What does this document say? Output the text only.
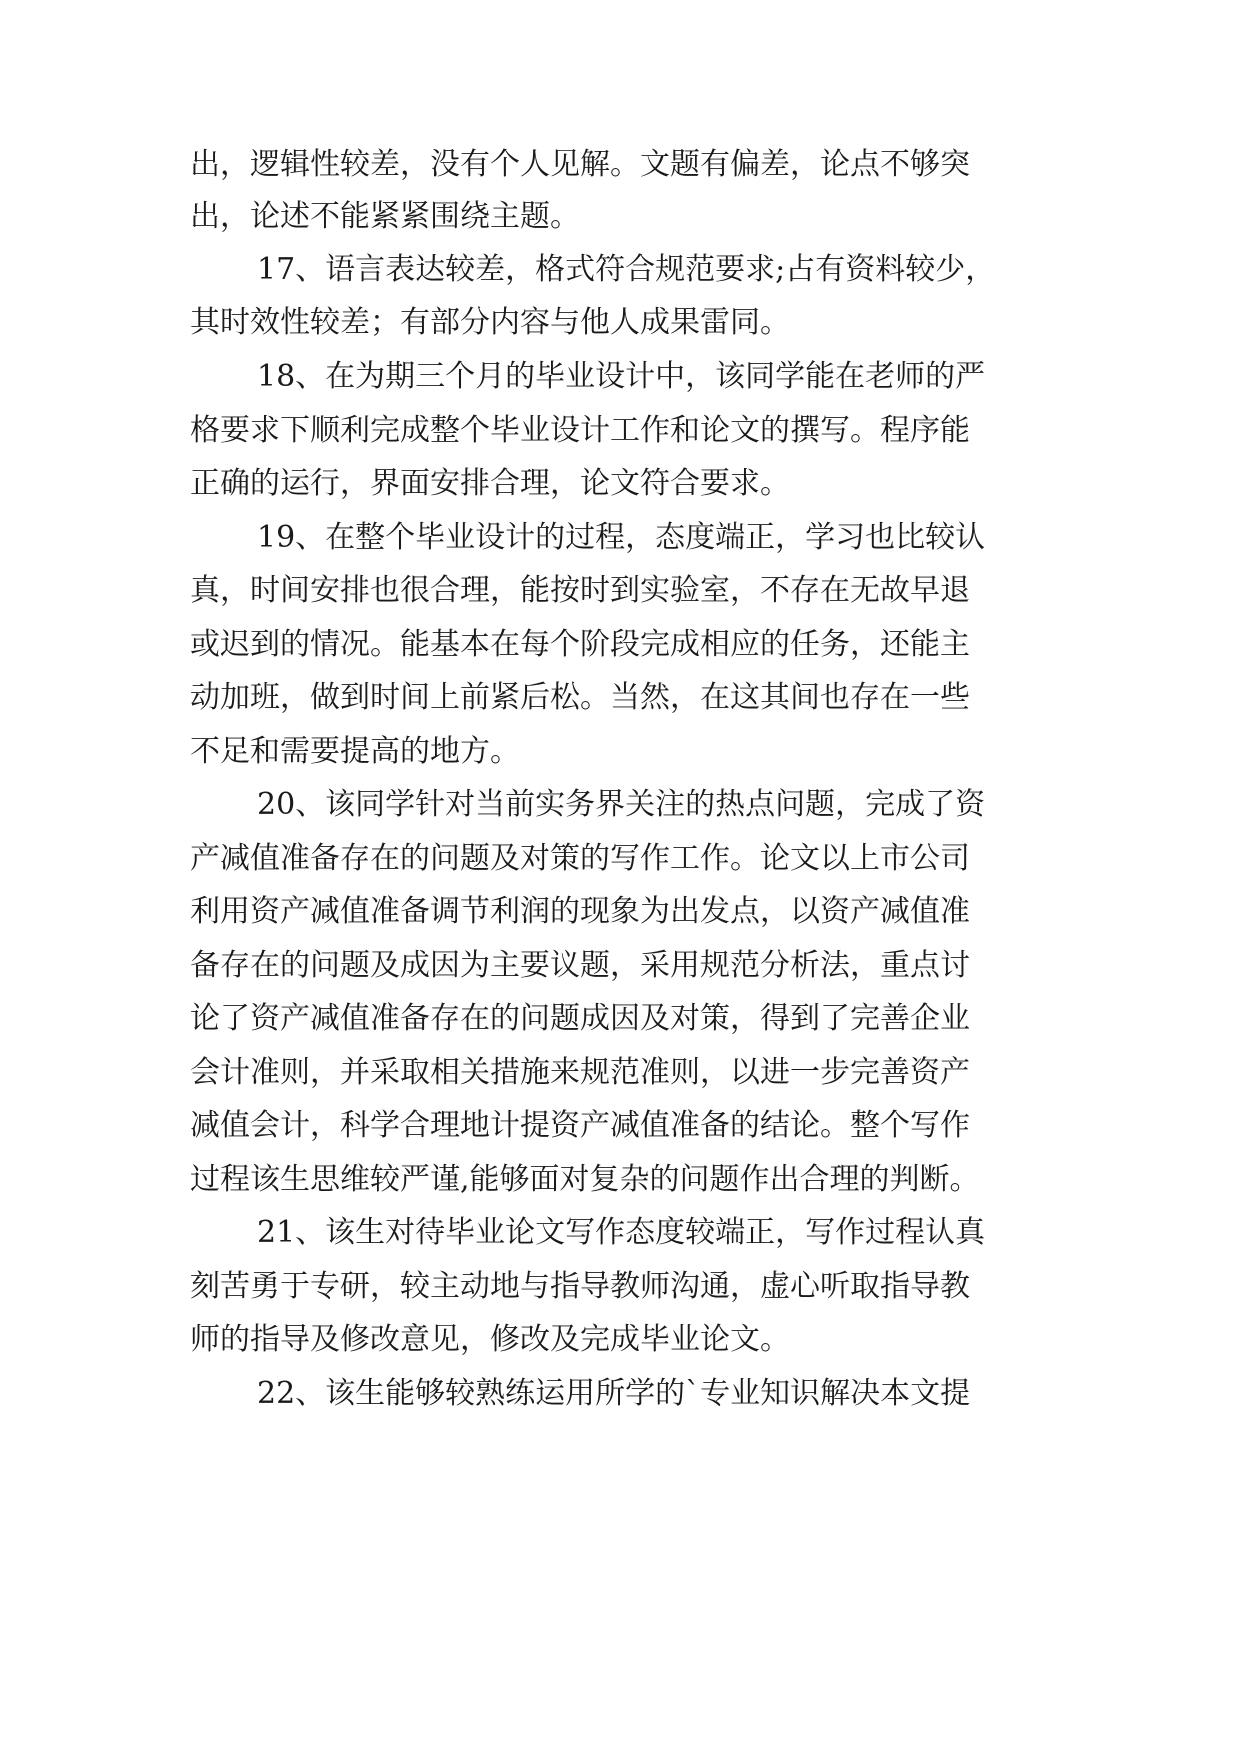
出，逻辑性较差，没有个人见解。文题有偏差，论点不够突
出，论述不能紧紧围绕主题。
17、语言表达较差，格式符合规范要求;占有资料较少，
其时效性较差；有部分内容与他人成果雷同。
18、在为期三个月的毕业设计中，该同学能在老师的严
格要求下顺利完成整个毕业设计工作和论文的撰写。程序能
正确的运行，界面安排合理，论文符合要求。
19、在整个毕业设计的过程，态度端正，学习也比较认
真，时间安排也很合理，能按时到实验室，不存在无故早退
或迟到的情况。能基本在每个阶段完成相应的任务，还能主
动加班，做到时间上前紧后松。当然，在这其间也存在一些
不足和需要提高的地方。
20、该同学针对当前实务界关注的热点问题，完成了资
产减值准备存在的问题及对策的写作工作。论文以上市公司
利用资产减值准备调节利润的现象为出发点，以资产减值准
备存在的问题及成因为主要议题，采用规范分析法，重点讨
论了资产减值准备存在的问题成因及对策，得到了完善企业
会计准则，并采取相关措施来规范准则，以进一步完善资产
减值会计，科学合理地计提资产减值准备的结论。整个写作
过程该生思维较严谨,能够面对复杂的问题作出合理的判断。
21、该生对待毕业论文写作态度较端正，写作过程认真
刻苦勇于专研，较主动地与指导教师沟通，虚心听取指导教
师的指导及修改意见，修改及完成毕业论文。
22、该生能够较熟练运用所学的`专业知识解决本文提
